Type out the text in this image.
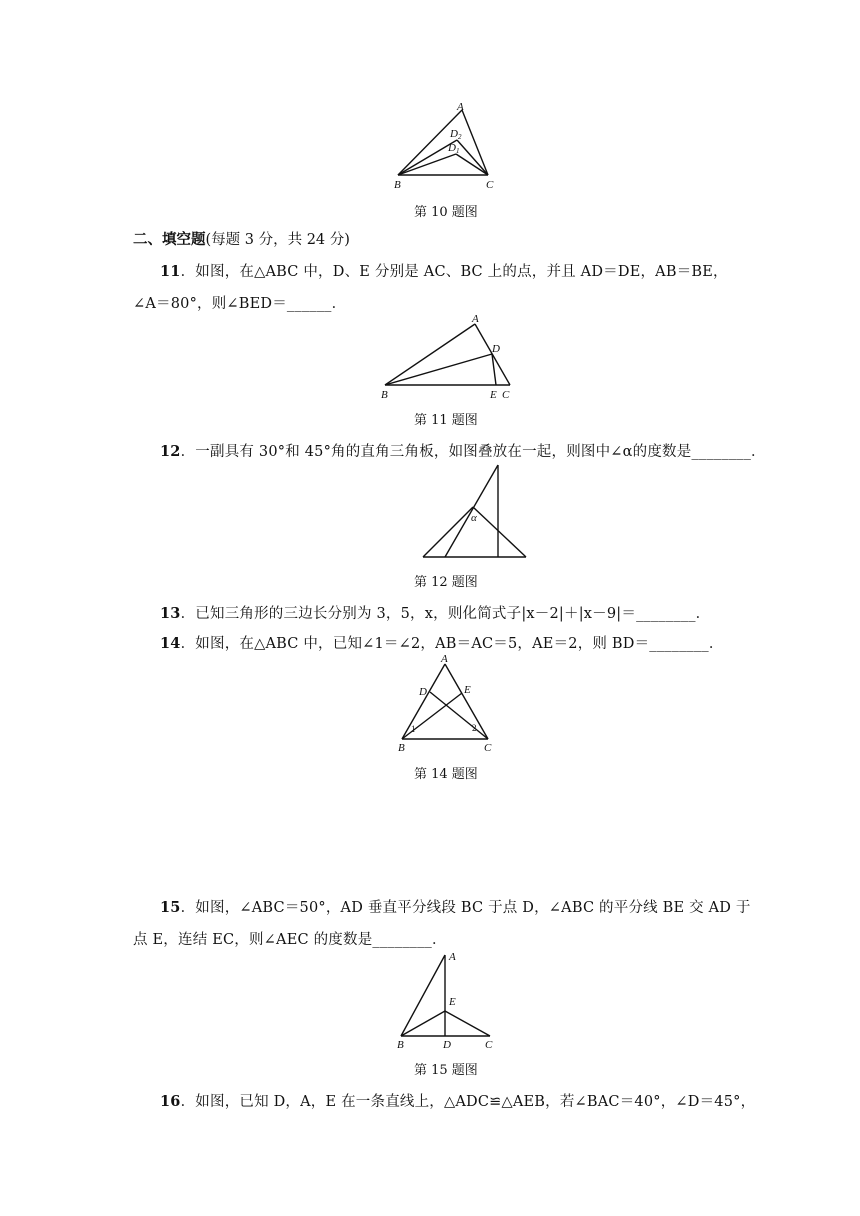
A
D 2
D 1
B	C
第 10 题图
二、填空题(每题 3 分，共 24 分)
11．如图，在△ABC 中，D、E 分别是 AC、BC 上的点，并且 AD＝DE，AB＝BE，
∠A＝80°，则∠BED＝______．
A
D
B	E C
第 11 题图
12．一副具有 30°和 45°角的直角三角板，如图叠放在一起，则图中∠α的度数是________．
α
第 12 题图
13．已知三角形的三边长分别为 3，5，x，则化简式子|x－2|＋|x－9|＝________．
14．如图，在△ABC 中，已知∠1＝∠2，AB＝AC＝5，AE＝2，则 BD＝________．
A
D	E
1	2
B	C
第 14 题图
15．如图，∠ABC＝50°，AD 垂直平分线段 BC 于点 D，∠ABC 的平分线 BE 交 AD 于
点 E，连结 EC，则∠AEC 的度数是________．
A
E
B	D	C
第 15 题图
16．如图，已知 D，A，E 在一条直线上，△ADC≌△AEB，若∠BAC＝40°，∠D＝45°，
